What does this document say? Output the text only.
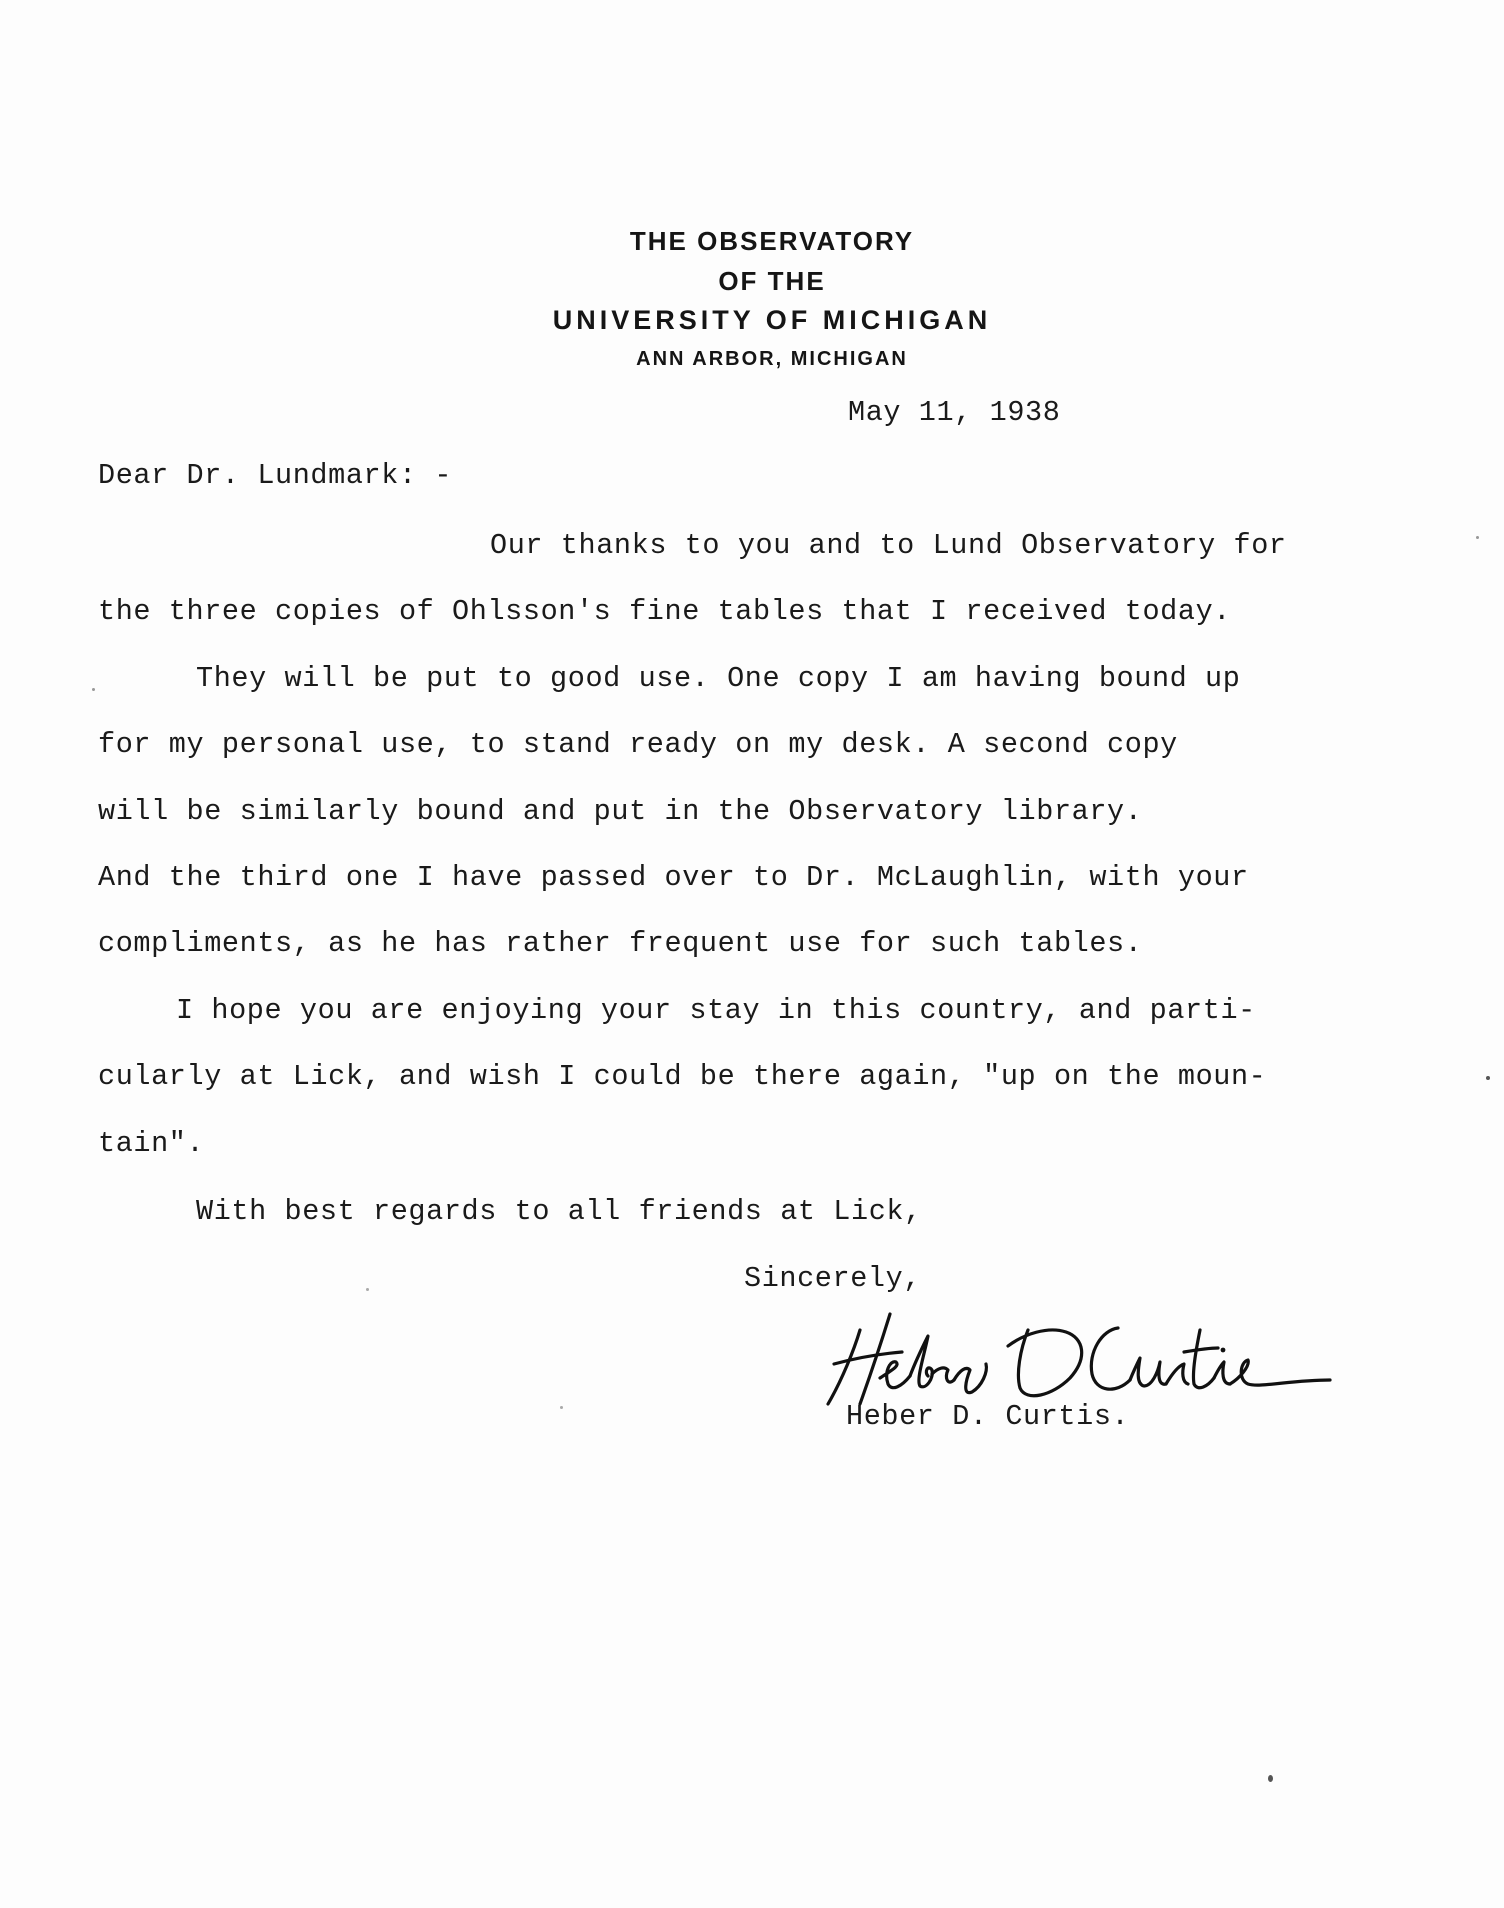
THE OBSERVATORY
OF THE
UNIVERSITY OF MICHIGAN
ANN ARBOR, MICHIGAN
May 11, 1938
Dear Dr. Lundmark: -
Our thanks to you and to Lund Observatory for
the three copies of Ohlsson's fine tables that I received today.
They will be put to good use. One copy I am having bound up
for my personal use, to stand ready on my desk. A second copy
will be similarly bound and put in the Observatory library.
And the third one I have passed over to Dr. McLaughlin, with your
compliments, as he has rather frequent use for such tables.
I hope you are enjoying your stay in this country, and parti-
cularly at Lick, and wish I could be there again, "up on the moun-
tain".
With best regards to all friends at Lick,
Sincerely,
Heber D. Curtis.
